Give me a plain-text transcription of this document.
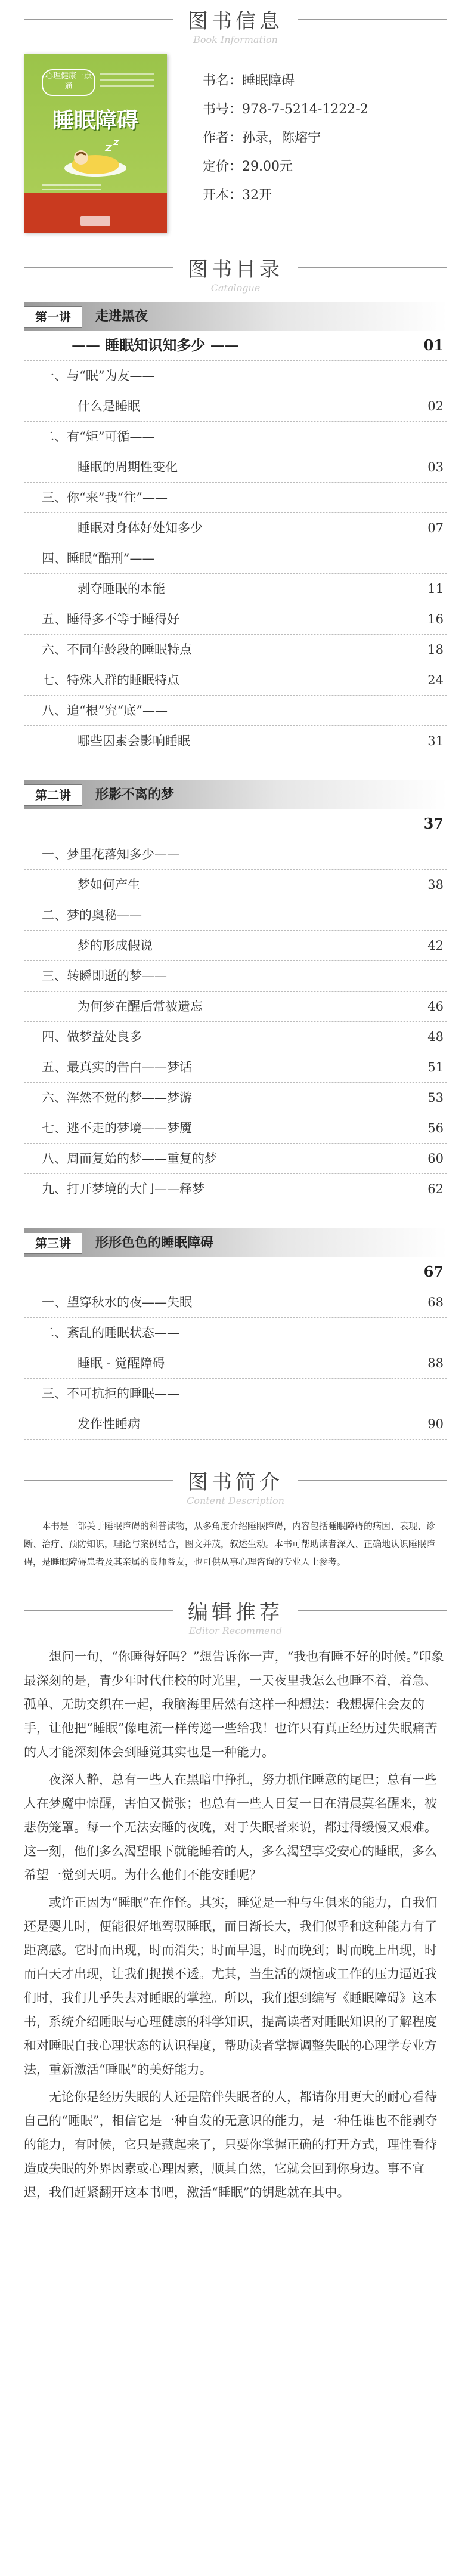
图书信息
Book Information
心理健康一点通
睡眠障碍
书名：睡眠障碍
书号：978-7-5214-1222-2
作者：孙录，陈熔宁
定价：29.00元
开本：32开
图书目录
Catalogue
第一讲	走进黑夜
—— 睡眠知识知多少 ——	01
一、与“眠”为友——
什么是睡眠	02
二、有“矩”可循——
睡眠的周期性变化	03
三、你“来”我“往”——
睡眠对身体好处知多少	07
四、睡眠“酷刑”——
剥夺睡眠的本能	11
五、睡得多不等于睡得好	16
六、不同年龄段的睡眠特点	18
七、特殊人群的睡眠特点	24
八、追“根”究“底”——
哪些因素会影响睡眠	31
第二讲	形影不离的梦
37
一、梦里花落知多少——
梦如何产生	38
二、梦的奥秘——
梦的形成假说	42
三、转瞬即逝的梦——
为何梦在醒后常被遗忘	46
四、做梦益处良多	48
五、最真实的告白——梦话	51
六、浑然不觉的梦——梦游	53
七、逃不走的梦境——梦魇	56
八、周而复始的梦——重复的梦	60
九、打开梦境的大门——释梦	62
第三讲	形形色色的睡眠障碍
67
一、望穿秋水的夜——失眠	68
二、紊乱的睡眠状态——
睡眠 - 觉醒障碍	88
三、不可抗拒的睡眠——
发作性睡病	90
图书简介
Content Description
本书是一部关于睡眠障碍的科普读物，从多角度介绍睡眠障碍，内容包括睡眠障碍的病因、表现、诊断、治疗、预防知识，理论与案例结合，图文并茂，叙述生动。本书可帮助读者深入、正确地认识睡眠障碍，是睡眠障碍患者及其亲属的良师益友，也可供从事心理咨询的专业人士参考。
编辑推荐
Editor Recommend

想问一句，“你睡得好吗？”想告诉你一声，“我也有睡不好的时候。”印象最深刻的是，青少年时代住校的时光里，一天夜里我怎么也睡不着，着急、孤单、无助交织在一起，我脑海里居然有这样一种想法：我想握住会友的手，让他把“睡眠”像电流一样传递一些给我！也许只有真正经历过失眠痛苦的人才能深刻体会到睡觉其实也是一种能力。

夜深人静，总有一些人在黑暗中挣扎，努力抓住睡意的尾巴；总有一些人在梦魔中惊醒，害怕又慌张；也总有一些人日复一日在清晨莫名醒来，被悲伤笼罩。每一个无法安睡的夜晚，对于失眠者来说，都过得缓慢又艰难。这一刻，他们多么渴望眼下就能睡着的人，多么渴望享受安心的睡眠，多么希望一觉到天明。为什么他们不能安睡呢？

或许正因为“睡眠”在作怪。其实，睡觉是一种与生俱来的能力，自我们还是婴儿时，便能很好地驾驭睡眠，而日渐长大，我们似乎和这种能力有了距离感。它时而出现，时而消失；时而早退，时而晚到；时而晚上出现，时而白天才出现，让我们捉摸不透。尤其，当生活的烦恼或工作的压力逼近我们时，我们儿乎失去对睡眠的掌控。所以，我们想到编写《睡眠障碍》这本书，系统介绍睡眠与心理健康的科学知识，提高读者对睡眠知识的了解程度和对睡眠自我心理状态的认识程度，帮助读者掌握调整失眠的心理学专业方法，重新激活“睡眠”的美好能力。

无论你是经历失眠的人还是陪伴失眠者的人，都请你用更大的耐心看待自己的“睡眠”，相信它是一种自发的无意识的能力，是一种任谁也不能剥夺的能力，有时候，它只是藏起来了，只要你掌握正确的打开方式，理性看待造成失眠的外界因素或心理因素，顺其自然，它就会回到你身边。事不宜迟，我们赶紧翻开这本书吧，激活“睡眠”的钥匙就在其中。
